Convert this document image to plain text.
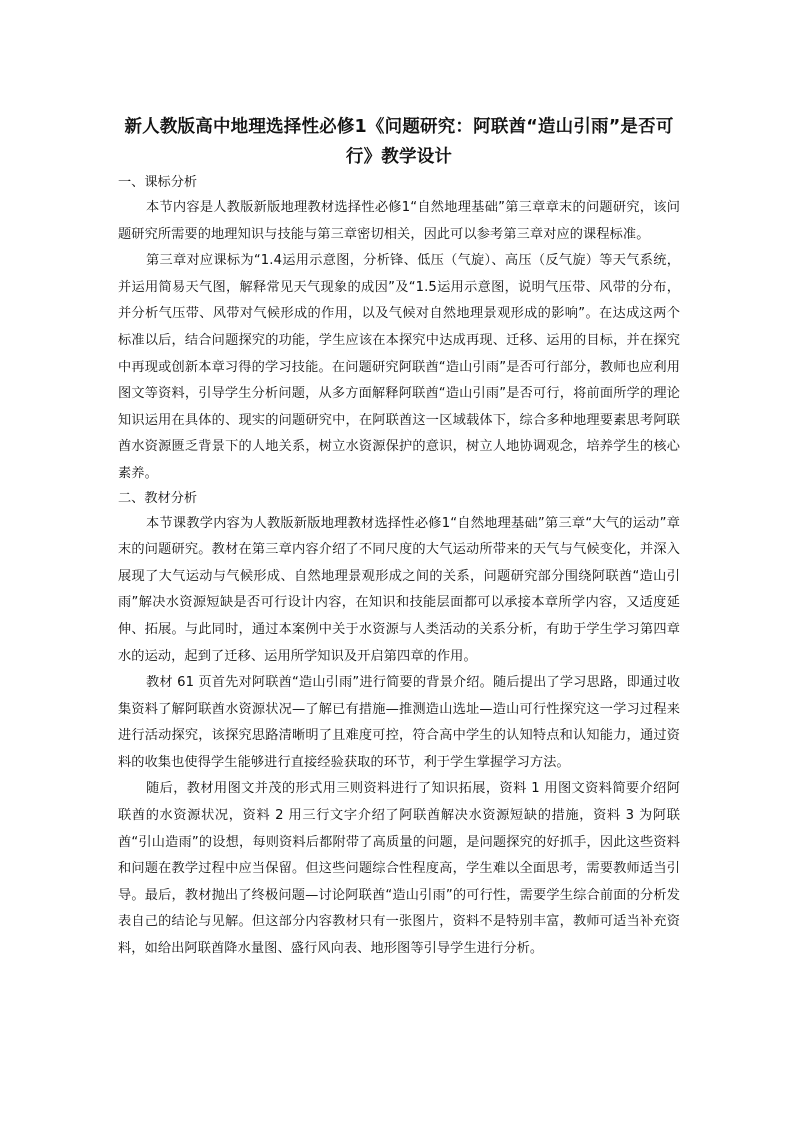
新人教版高中地理选择性必修1《问题研究：阿联酋“造山引雨”是否可行》教学设计
一、课标分析

本节内容是人教版新版地理教材选择性必修1“自然地理基础”第三章章末的问题研究，该问题研究所需要的地理知识与技能与第三章密切相关，因此可以参考第三章对应的课程标准。

第三章对应课标为“1.4运用示意图，分析锋、低压（气旋）、高压（反气旋）等天气系统，并运用简易天气图，解释常见天气现象的成因”及“1.5运用示意图，说明气压带、风带的分布，并分析气压带、风带对气候形成的作用，以及气候对自然地理景观形成的影响”。在达成这两个标准以后，结合问题探究的功能，学生应该在本探究中达成再现、迁移、运用的目标，并在探究中再现或创新本章习得的学习技能。在问题研究阿联酋“造山引雨”是否可行部分，教师也应利用图文等资料，引导学生分析问题，从多方面解释阿联酋“造山引雨”是否可行，将前面所学的理论知识运用在具体的、现实的问题研究中，在阿联酋这一区域载体下，综合多种地理要素思考阿联酋水资源匮乏背景下的人地关系，树立水资源保护的意识，树立人地协调观念，培养学生的核心素养。

二、教材分析

本节课教学内容为人教版新版地理教材选择性必修1“自然地理基础”第三章“大气的运动”章末的问题研究。教材在第三章内容介绍了不同尺度的大气运动所带来的天气与气候变化，并深入展现了大气运动与气候形成、自然地理景观形成之间的关系，问题研究部分围绕阿联酋“造山引雨”解决水资源短缺是否可行设计内容，在知识和技能层面都可以承接本章所学内容，又适度延伸、拓展。与此同时，通过本案例中关于水资源与人类活动的关系分析，有助于学生学习第四章水的运动，起到了迁移、运用所学知识及开启第四章的作用。

教材 61 页首先对阿联酋“造山引雨”进行简要的背景介绍。随后提出了学习思路，即通过收集资料了解阿联酋水资源状况—了解已有措施—推测造山选址—造山可行性探究这一学习过程来进行活动探究，该探究思路清晰明了且难度可控，符合高中学生的认知特点和认知能力，通过资料的收集也使得学生能够进行直接经验获取的环节，利于学生掌握学习方法。

随后，教材用图文并茂的形式用三则资料进行了知识拓展，资料 1 用图文资料简要介绍阿联酋的水资源状况，资料 2 用三行文字介绍了阿联酋解决水资源短缺的措施，资料 3 为阿联酋“引山造雨”的设想，每则资料后都附带了高质量的问题，是问题探究的好抓手，因此这些资料和问题在教学过程中应当保留。但这些问题综合性程度高，学生难以全面思考，需要教师适当引导。最后，教材抛出了终极问题—讨论阿联酋“造山引雨”的可行性，需要学生综合前面的分析发表自己的结论与见解。但这部分内容教材只有一张图片，资料不是特别丰富，教师可适当补充资料，如给出阿联酋降水量图、盛行风向表、地形图等引导学生进行分析。
